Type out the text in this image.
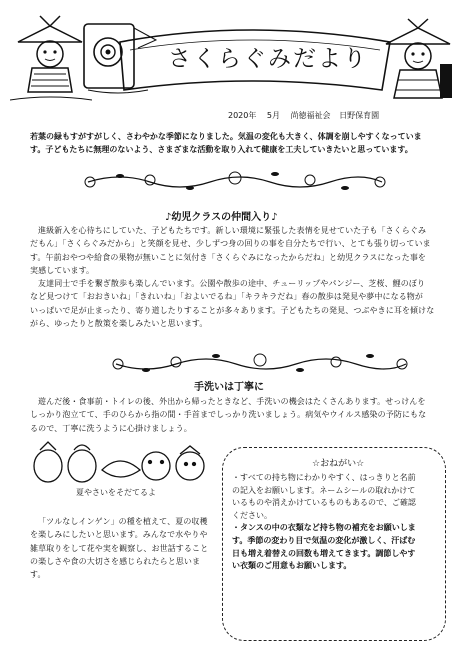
さくらぐみだより
2020年 5月 尚徳福祉会 日野保育園
若葉の緑もすがすがしく、さわやかな季節になりました。気温の変化も大きく、体調を崩しやすくなっていま
す。子どもたちに無理のないよう、さまざまな活動を取り入れて健康を工夫していきたいと思っています。
♪幼児クラスの仲間入り♪

進級新入を心待ちにしていた、子どもたちです。新しい環境に緊張した表情を見せていた子も「さくらぐみ

だもん」「さくらぐみだから」と笑顔を見せ、少しずつ身の回りの事を自分たちで行い、とても張り切っていま

す。午前おやつや給食の果物が無いことに気付き「さくらぐみになったからだね」と幼児クラスになった事を

実感しています。

友達同士で手を繋ぎ散歩も楽しんでいます。公園や散歩の途中、チューリップやパンジー、芝桜、鯉のぼり

など見つけて「おおきいね」「きれいね」「およいでるね」「キラキラだね」春の散歩は発見や夢中になる物が

いっぱいで足が止まったり、寄り道したりすることが多々あります。子どもたちの発見、つぶやきに耳を傾けな

がら、ゆったりと散策を楽しみたいと思います。

手洗いは丁寧に

遊んだ後・食事前・トイレの後、外出から帰ったときなど、手洗いの機会はたくさんあります。せっけんを

しっかり泡立てて、手のひらから指の間・手首までしっかり洗いましょう。病気やウイルス感染の予防にもな

るので、丁寧に洗うように心掛けましょう。

夏やさいをそだてるよ

「ツルなしインゲン」の種を植えて、夏の収穫

を楽しみにしたいと思います。みんなで水やりや

雑草取りをして花や実を観察し、お世話すること

の楽しさや食の大切さを感じられたらと思いま

す。

☆おねがい☆
・すべての持ち物にわかりやすく、はっきりと名前
の記入をお願いします。ネームシールの取れかけて
いるものや消えかけているものもあるので、ご確認
ください。
・タンスの中の衣類など持ち物の補充をお願いしま
す。季節の変わり目で気温の変化が激しく、汗ばむ
日も増え着替えの回数も増えてきます。調節しやす
い衣類のご用意もお願いします。
